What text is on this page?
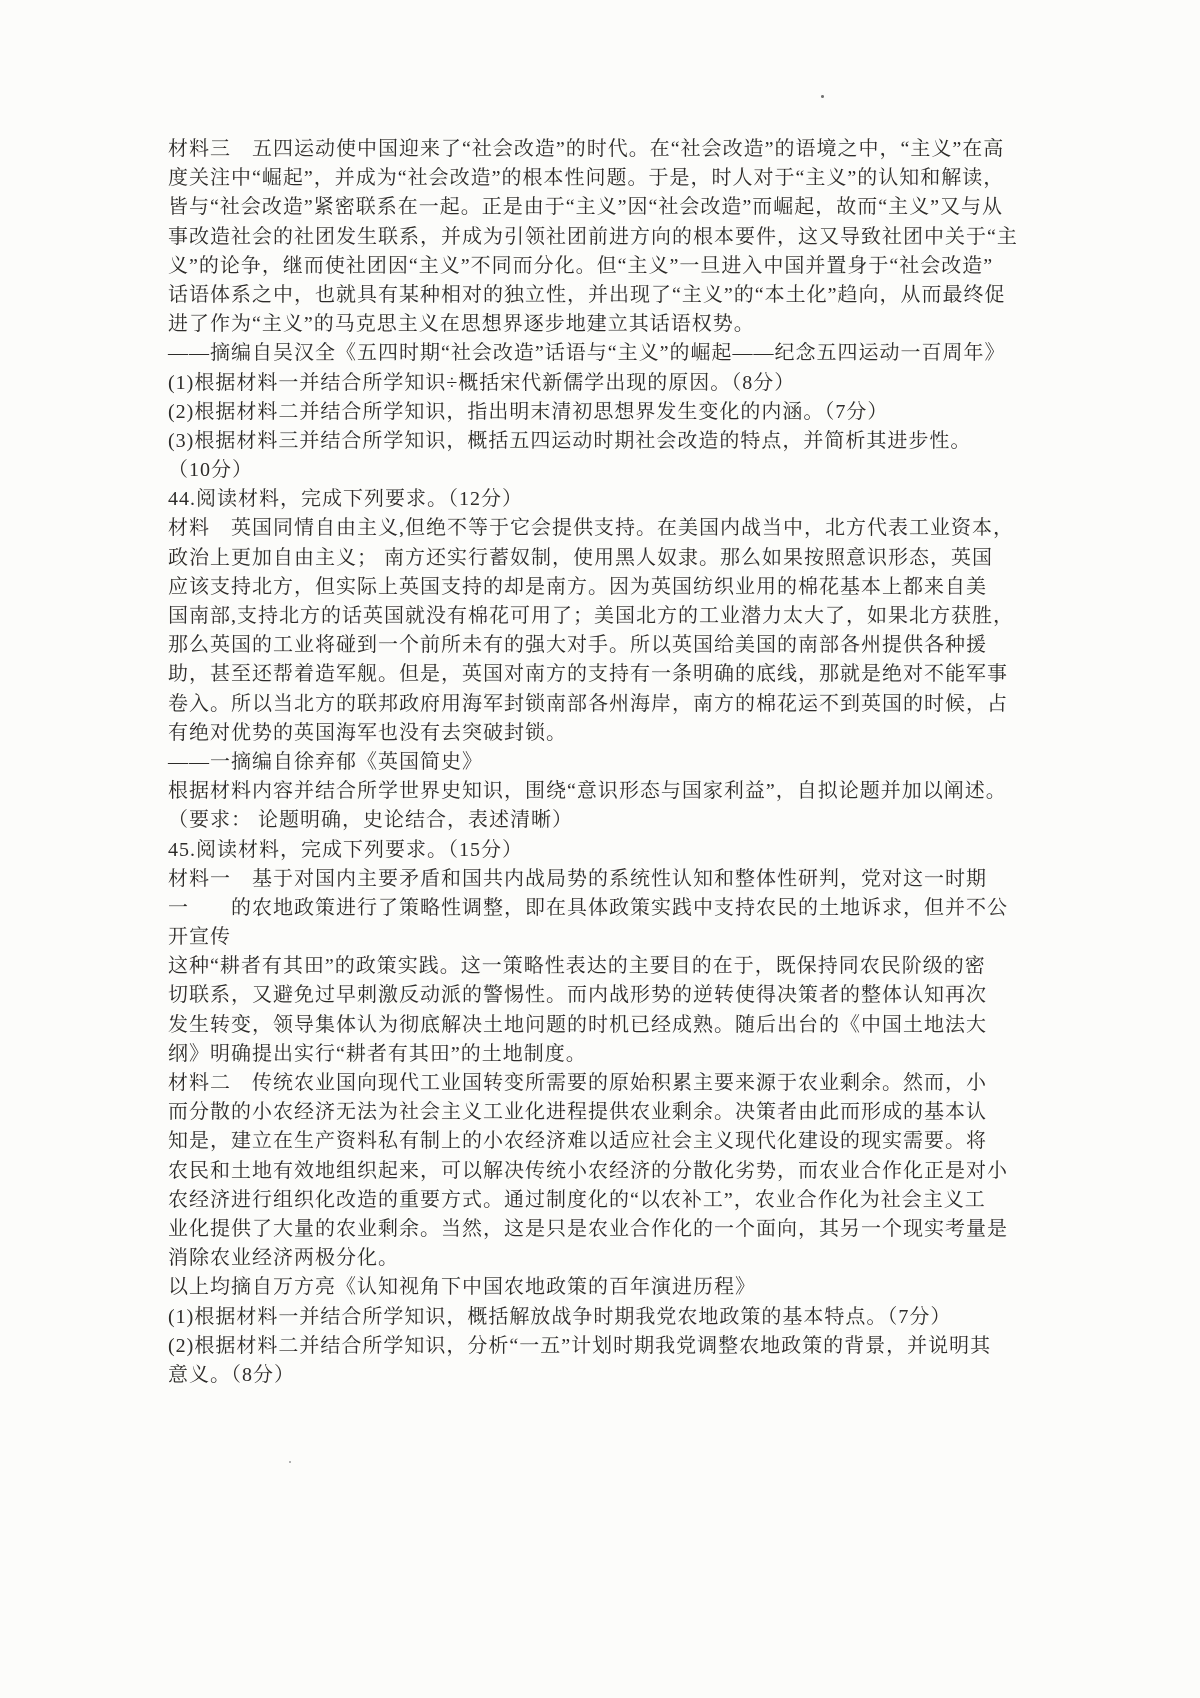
材料三　五四运动使中国迎来了“社会改造”的时代。在“社会改造”的语境之中，“主义”在高
度关注中“崛起”，并成为“社会改造”的根本性问题。于是，时人对于“主义”的认知和解读，
皆与“社会改造”紧密联系在一起。正是由于“主义”因“社会改造”而崛起，故而“主义”又与从
事改造社会的社团发生联系，并成为引领社团前进方向的根本要件，这又导致社团中关于“主
义”的论争，继而使社团因“主义”不同而分化。但“主义”一旦进入中国并置身于“社会改造”
话语体系之中，也就具有某种相对的独立性，并出现了“主义”的“本土化”趋向，从而最终促
进了作为“主义”的马克思主义在思想界逐步地建立其话语权势。
——摘编自吴汉全《五四时期“社会改造”话语与“主义”的崛起——纪念五四运动一百周年》
(1)根据材料一并结合所学知识÷概括宋代新儒学出现的原因。（8分）
(2)根据材料二并结合所学知识，指出明末清初思想界发生变化的内涵。（7分）
(3)根据材料三并结合所学知识，概括五四运动时期社会改造的特点，并简析其进步性。
（10分）
44.阅读材料，完成下列要求。（12分）
材料　英国同情自由主义,但绝不等于它会提供支持。在美国内战当中，北方代表工业资本，
政治上更加自由主义； 南方还实行蓄奴制，使用黑人奴隶。那么如果按照意识形态，英国
应该支持北方，但实际上英国支持的却是南方。因为英国纺织业用的棉花基本上都来自美
国南部,支持北方的话英国就没有棉花可用了；美国北方的工业潜力太大了，如果北方获胜，
那么英国的工业将碰到一个前所未有的强大对手。所以英国给美国的南部各州提供各种援
助，甚至还帮着造军舰。但是，英国对南方的支持有一条明确的底线，那就是绝对不能军事
卷入。所以当北方的联邦政府用海军封锁南部各州海岸，南方的棉花运不到英国的时候，占
有绝对优势的英国海军也没有去突破封锁。
——一摘编自徐弃郁《英国简史》
根据材料内容并结合所学世界史知识，围绕“意识形态与国家利益”，自拟论题并加以阐述。
（要求： 论题明确，史论结合，表述清晰）
45.阅读材料，完成下列要求。（15分）
材料一　基于对国内主要矛盾和国共内战局势的系统性认知和整体性研判，党对这一时期
一　　的农地政策进行了策略性调整，即在具体政策实践中支持农民的土地诉求，但并不公
开宣传
这种“耕者有其田”的政策实践。这一策略性表达的主要目的在于，既保持同农民阶级的密
切联系，又避免过早刺激反动派的警惕性。而内战形势的逆转使得决策者的整体认知再次
发生转变，领导集体认为彻底解决土地问题的时机已经成熟。随后出台的《中国土地法大
纲》明确提出实行“耕者有其田”的土地制度。
材料二　传统农业国向现代工业国转变所需要的原始积累主要来源于农业剩余。然而，小
而分散的小农经济无法为社会主义工业化进程提供农业剩余。决策者由此而形成的基本认
知是，建立在生产资料私有制上的小农经济难以适应社会主义现代化建设的现实需要。将
农民和土地有效地组织起来，可以解决传统小农经济的分散化劣势，而农业合作化正是对小
农经济进行组织化改造的重要方式。通过制度化的“以农补工”，农业合作化为社会主义工
业化提供了大量的农业剩余。当然，这是只是农业合作化的一个面向，其另一个现实考量是
消除农业经济两极分化。
以上均摘自万方亮《认知视角下中国农地政策的百年演进历程》
(1)根据材料一并结合所学知识，概括解放战争时期我党农地政策的基本特点。（7分）
(2)根据材料二并结合所学知识，分析“一五”计划时期我党调整农地政策的背景，并说明其
意义。（8分）
